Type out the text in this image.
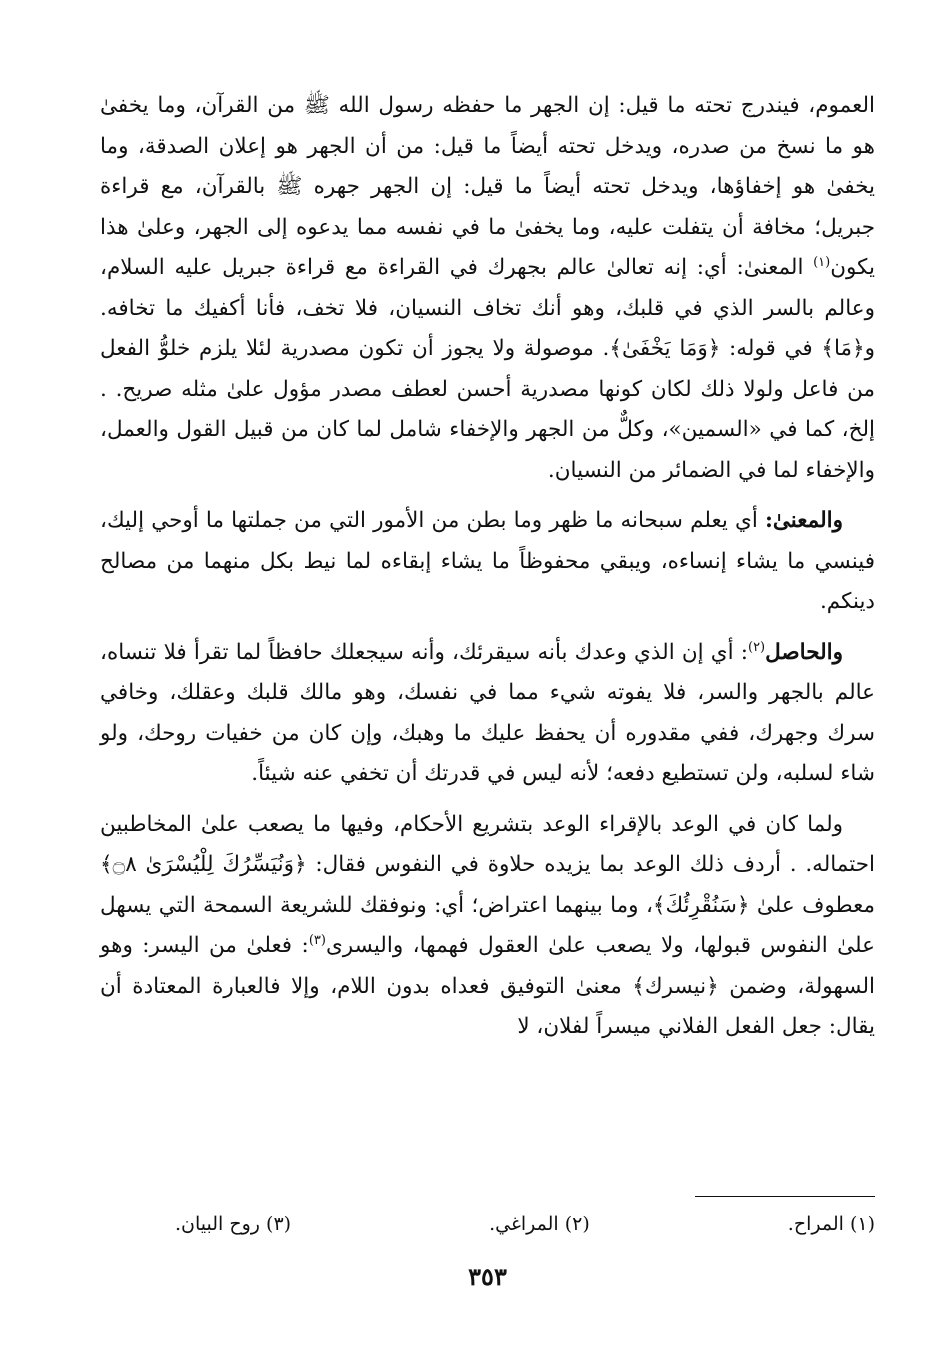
العموم، فيندرج تحته ما قيل: إن الجهر ما حفظه رسول الله ﷺ من القرآن، وما يخفىٰ هو ما نسخ من صدره، ويدخل تحته أيضاً ما قيل: من أن الجهر هو إعلان الصدقة، وما يخفىٰ هو إخفاؤها، ويدخل تحته أيضاً ما قيل: إن الجهر جهره ﷺ بالقرآن، مع قراءة جبريل؛ مخافة أن يتفلت عليه، وما يخفىٰ ما في نفسه مما يدعوه إلى الجهر، وعلىٰ هذا يكون$^{(١)}$ المعنىٰ: أي: إنه تعالىٰ عالم بجهرك في القراءة مع قراءة جبريل عليه السلام، وعالم بالسر الذي في قلبك، وهو أنك تخاف النسيان، فلا تخف، فأنا أكفيك ما تخافه. و﴿مَا﴾ في قوله: ﴿وَمَا يَخْفَىٰ﴾. موصولة ولا يجوز أن تكون مصدرية لئلا يلزم خلوُّ الفعل من فاعل ولولا ذلك لكان كونها مصدرية أحسن لعطف مصدر مؤول علىٰ مثله صريح. . إلخ، كما في «السمين»، وكلٌّ من الجهر والإخفاء شامل لما كان من قبيل القول والعمل، والإخفاء لما في الضمائر من النسيان.

والمعنىٰ: أي يعلم سبحانه ما ظهر وما بطن من الأمور التي من جملتها ما أوحي إليك، فينسي ما يشاء إنساءه، ويبقي محفوظاً ما يشاء إبقاءه لما نيط بكل منهما من مصالح دينكم.

والحاصل$^{(٢)}$: أي إن الذي وعدك بأنه سيقرئك، وأنه سيجعلك حافظاً لما تقرأ فلا تنساه، عالم بالجهر والسر، فلا يفوته شيء مما في نفسك، وهو مالك قلبك وعقلك، وخافي سرك وجهرك، ففي مقدوره أن يحفظ عليك ما وهبك، وإن كان من خفيات روحك، ولو شاء لسلبه، ولن تستطيع دفعه؛ لأنه ليس في قدرتك أن تخفي عنه شيئاً.

ولما كان في الوعد بالإقراء الوعد بتشريع الأحكام، وفيها ما يصعب علىٰ المخاطبين احتماله. . أردف ذلك الوعد بما يزيده حلاوة في النفوس فقال: ﴿وَنُيَسِّرُكَ لِلْيُسْرَىٰ ۝٨﴾ معطوف علىٰ ﴿سَنُقْرِئُكَ﴾، وما بينهما اعتراض؛ أي: ونوفقك للشريعة السمحة التي يسهل علىٰ النفوس قبولها، ولا يصعب علىٰ العقول فهمها، واليسرى$^{(٣)}$: فعلىٰ من اليسر: وهو السهولة، وضمن ﴿نيسرك﴾ معنىٰ التوفيق فعداه بدون اللام، وإلا فالعبارة المعتادة أن يقال: جعل الفعل الفلاني ميسراً لفلان، لا

(١) المراح.
(٢) المراغي.
(٣) روح البيان.
٣٥٣
